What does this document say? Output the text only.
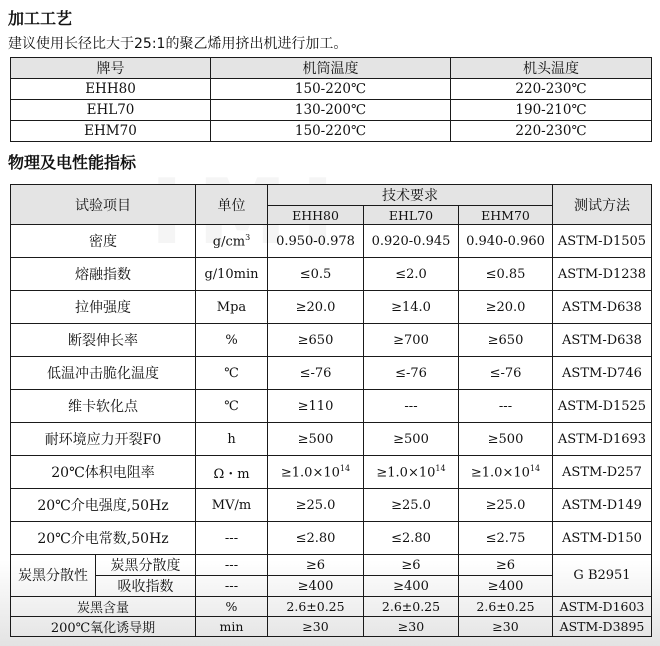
加工工艺
建议使用长径比大于25:1的聚乙烯用挤出机进行加工。
牌号	机筒温度	机头温度
EHH80	150-220℃	220-230℃
EHL70	130-200℃	190-210℃
EHM70	150-220℃	220-230℃
物理及电性能指标
试验项目		单位	技术要求			测试方法
			EHH80	EHL70	EHM70	
密度		$g/cm^3$	0.950-0.978	0.920-0.945	0.940-0.960	ASTM-D1505
熔融指数		g/10min	≤0.5	≤2.0	≤0.85	ASTM-D1238
拉伸强度		Mpa	≥20.0	≥14.0	≥20.0	ASTM-D638
断裂伸长率		%	≥650	≥700	≥650	ASTM-D638
低温冲击脆化温度		℃	≤-76	≤-76	≤-76	ASTM-D746
维卡软化点		℃	≥110	---	---	ASTM-D1525
耐环境应力开裂F0		h	≥500	≥500	≥500	ASTM-D1693
20℃体积电阻率		Ω・m	$\ge 1.0\times 10^{14}$	$\ge 1.0\times 10^{14}$	$\ge 1.0\times 10^{14}$	ASTM-D257
20℃介电强度,50Hz		MV/m	≥25.0	≥25.0	≥25.0	ASTM-D149
20℃介电常数,50Hz		---	≤2.80	≤2.80	≤2.75	ASTM-D150
炭黑分散性	炭黑分散度	---	≥6	≥6	≥6	G B2951
	吸收指数	---	≥400	≥400	≥400	
炭黑含量		%	2.6±0.25	2.6±0.25	2.6±0.25	ASTM-D1603
200℃氧化诱导期		min	≥30	≥30	≥30	ASTM-D3895
